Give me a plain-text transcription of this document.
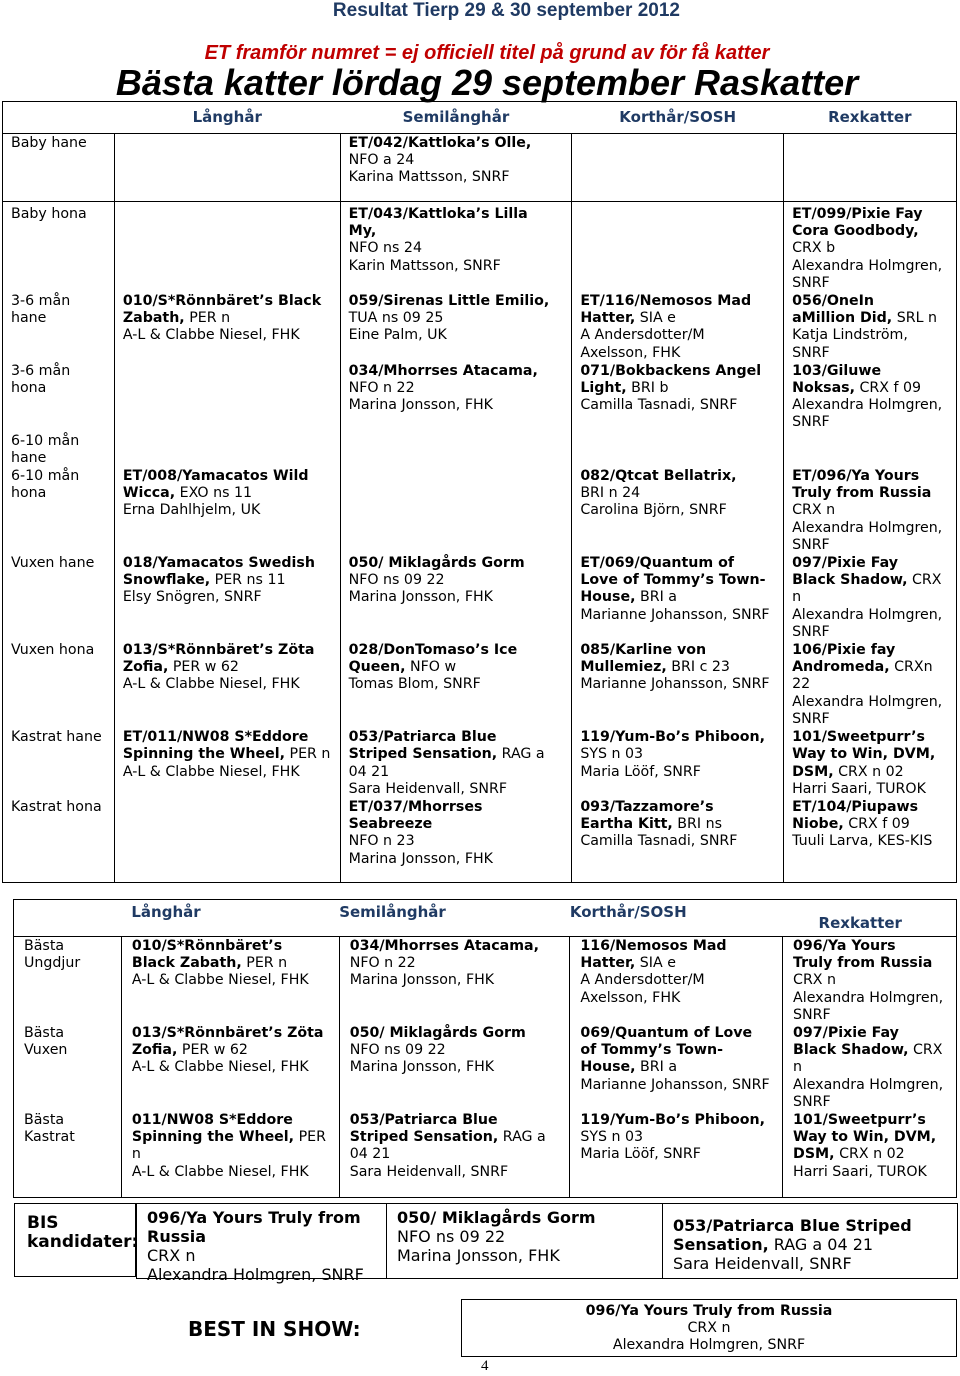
Resultat Tierp 29 & 30 september 2012
ET framför numret = ej officiell titel på grund av för få katter
Bästa katter lördag 29 september Raskatter
	Långhår	Semilånghår	Korthår/SOSH	Rexkatter
Baby hane		ET/042/Kattloka’s Olle,
NFO a 24
Karina Mattsson, SNRF		
Baby hona		ET/043/Kattloka’s Lilla
My,
NFO ns 24
Karin Mattsson, SNRF		ET/099/Pixie Fay
Cora Goodbody,
CRX b
Alexandra Holmgren,
SNRF
3-6 mån
hane	010/S*Rönnbäret’s Black
Zabath, PER n
A-L & Clabbe Niesel, FHK	059/Sirenas Little Emilio,
TUA ns 09 25
Eine Palm, UK	ET/116/Nemosos Mad
Hatter, SIA e
A Andersdotter/M
Axelsson, FHK	056/OneIn
aMillion Did, SRL n
Katja Lindström,
SNRF
3-6 mån
hona		034/Mhorrses Atacama,
NFO n 22
Marina Jonsson, FHK	071/Bokbackens Angel
Light, BRI b
Camilla Tasnadi, SNRF	103/Giluwe
Noksas, CRX f 09
Alexandra Holmgren,
SNRF
6-10 mån
hane				
6-10 mån
hona	ET/008/Yamacatos Wild
Wicca, EXO ns 11
Erna Dahlhjelm, UK		082/Qtcat Bellatrix,
BRI n 24
Carolina Björn, SNRF	ET/096/Ya Yours
Truly from Russia
CRX n
Alexandra Holmgren,
SNRF
Vuxen hane	018/Yamacatos Swedish
Snowflake, PER ns 11
Elsy Snögren, SNRF	050/ Miklagårds Gorm
NFO ns 09 22
Marina Jonsson, FHK	ET/069/Quantum of
Love of Tommy’s Town-
House, BRI a
Marianne Johansson, SNRF	097/Pixie Fay
Black Shadow, CRX
n
Alexandra Holmgren,
SNRF
Vuxen hona	013/S*Rönnbäret’s Zöta
Zofia, PER w 62
A-L & Clabbe Niesel, FHK	028/DonTomaso’s Ice
Queen, NFO w
Tomas Blom, SNRF	085/Karline von
Mullemiez, BRI c 23
Marianne Johansson, SNRF	106/Pixie fay
Andromeda, CRXn
22
Alexandra Holmgren,
SNRF
Kastrat hane	ET/011/NW08 S*Eddore
Spinning the Wheel, PER n
A-L & Clabbe Niesel, FHK	053/Patriarca Blue
Striped Sensation, RAG a
04 21
Sara Heidenvall, SNRF	119/Yum-Bo’s Phiboon,
SYS n 03
Maria Lööf, SNRF	101/Sweetpurr’s
Way to Win, DVM,
DSM, CRX n 02
Harri Saari, TUROK
Kastrat hona		ET/037/Mhorrses
Seabreeze
NFO n 23
Marina Jonsson, FHK	093/Tazzamore’s
Eartha Kitt, BRI ns
Camilla Tasnadi, SNRF	ET/104/Piupaws
Niobe, CRX f 09
Tuuli Larva, KES-KIS
	Långhår	Semilånghår	Korthår/SOSH	Rexkatter
Bästa
Ungdjur	010/S*Rönnbäret’s
Black Zabath, PER n
A-L & Clabbe Niesel, FHK	034/Mhorrses Atacama,
NFO n 22
Marina Jonsson, FHK	116/Nemosos Mad
Hatter, SIA e
A Andersdotter/M
Axelsson, FHK	096/Ya Yours
Truly from Russia
CRX n
Alexandra Holmgren,
SNRF
Bästa
Vuxen	013/S*Rönnbäret’s Zöta
Zofia, PER w 62
A-L & Clabbe Niesel, FHK	050/ Miklagårds Gorm
NFO ns 09 22
Marina Jonsson, FHK	069/Quantum of Love
of Tommy’s Town-
House, BRI a
Marianne Johansson, SNRF	097/Pixie Fay
Black Shadow, CRX
n
Alexandra Holmgren,
SNRF
Bästa
Kastrat	011/NW08 S*Eddore
Spinning the Wheel, PER
n
A-L & Clabbe Niesel, FHK	053/Patriarca Blue
Striped Sensation, RAG a
04 21
Sara Heidenvall, SNRF	119/Yum-Bo’s Phiboon,
SYS n 03
Maria Lööf, SNRF	101/Sweetpurr’s
Way to Win, DVM,
DSM, CRX n 02
Harri Saari, TUROK
BIS
kandidater:
096/Ya Yours Truly from
Russia
CRX n
Alexandra Holmgren, SNRF
050/ Miklagårds Gorm
NFO ns 09 22
Marina Jonsson, FHK
053/Patriarca Blue Striped
Sensation, RAG a 04 21
Sara Heidenvall, SNRF
BEST IN SHOW:
096/Ya Yours Truly from Russia
CRX n
Alexandra Holmgren, SNRF
4
